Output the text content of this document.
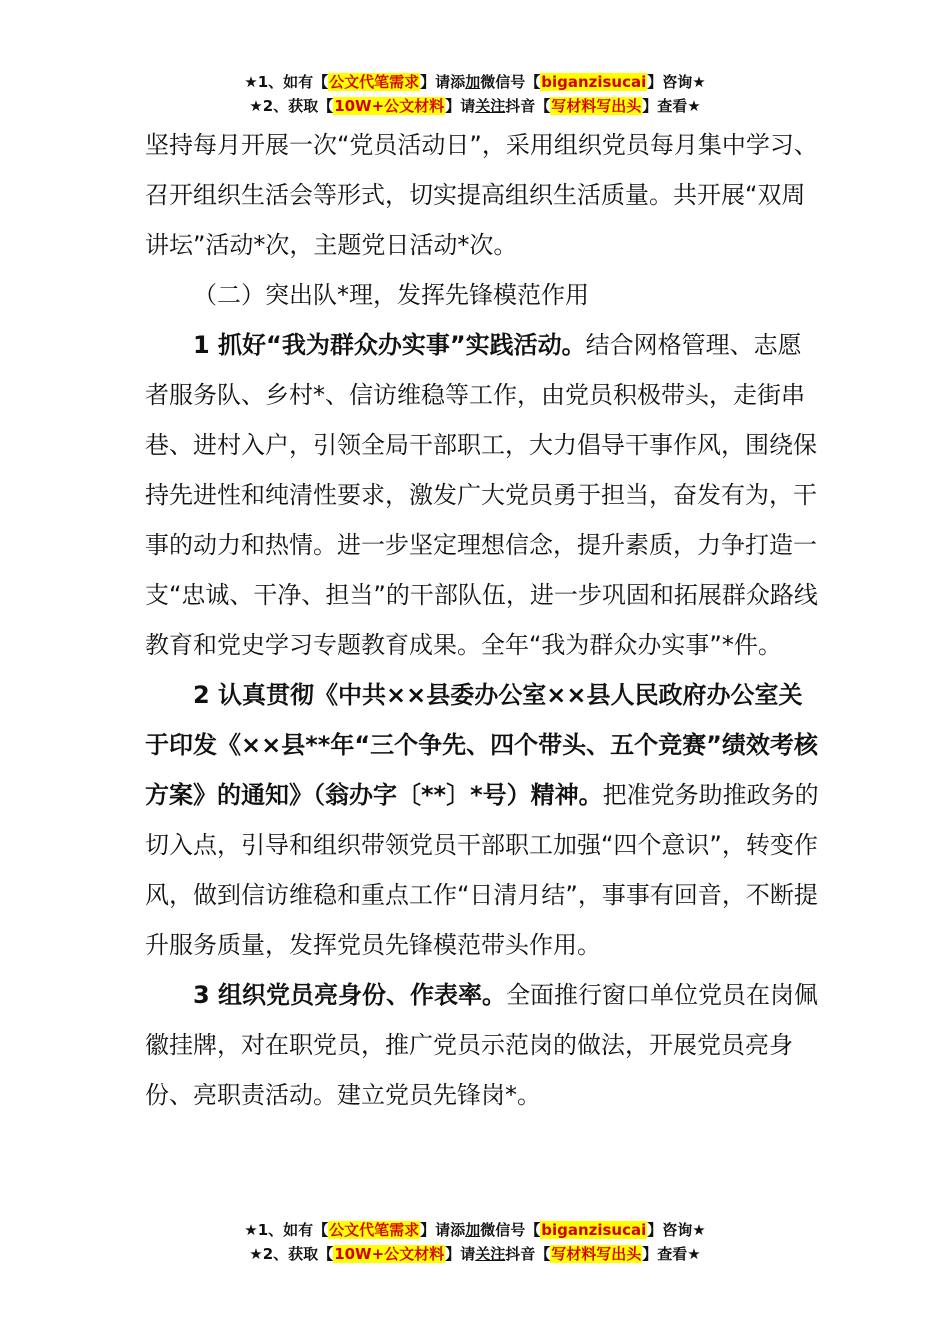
★1、如有【公文代笔需求】请添加微信号【biganzisucai】咨询★
★2、获取【10W+公文材料】请关注抖音【写材料写出头】查看★

坚持每月开展一次“党员活动日”，采用组织党员每月集中学习、召开组织生活会等形式，切实提高组织生活质量。共开展“双周讲坛”活动*次，主题党日活动*次。

（二）突出队*理，发挥先锋模范作用

1 抓好“我为群众办实事”实践活动。结合网格管理、志愿者服务队、乡村*、信访维稳等工作，由党员积极带头，走街串巷、进村入户，引领全局干部职工，大力倡导干事作风，围绕保持先进性和纯清性要求，激发广大党员勇于担当，奋发有为，干事的动力和热情。进一步坚定理想信念，提升素质，力争打造一支“忠诚、干净、担当”的干部队伍，进一步巩固和拓展群众路线教育和党史学习专题教育成果。全年“我为群众办实事”*件。

2 认真贯彻《中共××县委办公室××县人民政府办公室关于印发《××县**年“三个争先、四个带头、五个竞赛”绩效考核方案》的通知》（翁办字〔**〕*号）精神。把准党务助推政务的切入点，引导和组织带领党员干部职工加强“四个意识”，转变作风，做到信访维稳和重点工作“日清月结”，事事有回音，不断提升服务质量，发挥党员先锋模范带头作用。

3 组织党员亮身份、作表率。全面推行窗口单位党员在岗佩徽挂牌，对在职党员，推广党员示范岗的做法，开展党员亮身份、亮职责活动。建立党员先锋岗*。

★1、如有【公文代笔需求】请添加微信号【biganzisucai】咨询★
★2、获取【10W+公文材料】请关注抖音【写材料写出头】查看★
